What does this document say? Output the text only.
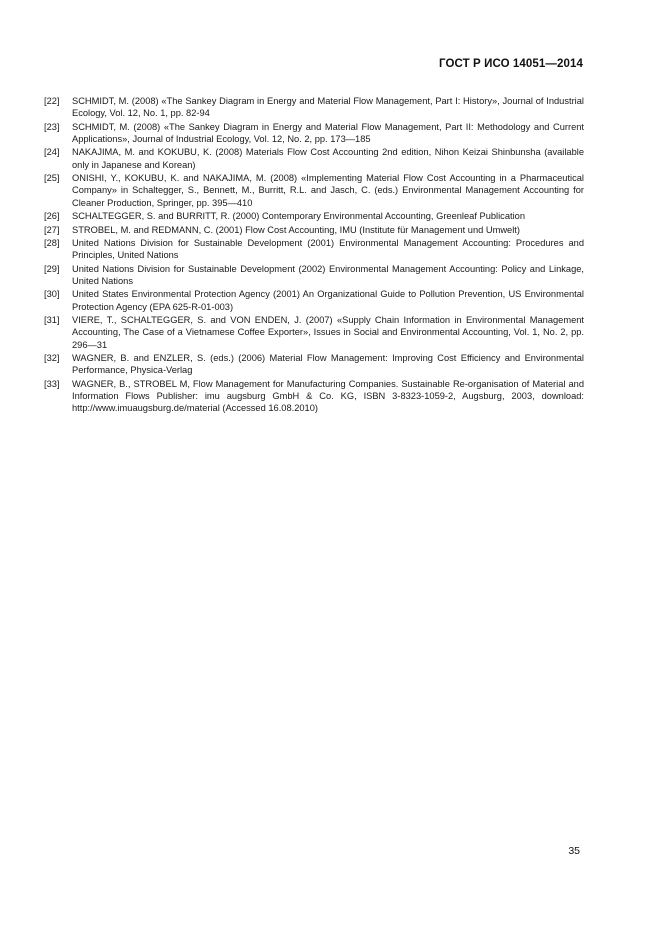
ГОСТ Р ИСО 14051—2014
[22]	SCHMIDT, M. (2008) «The Sankey Diagram in Energy and Material Flow Management, Part I: History», Journal of Industrial Ecology, Vol. 12, No. 1, pp. 82-94
[23]	SCHMIDT, M. (2008) «The Sankey Diagram in Energy and Material Flow Management, Part II: Methodology and Current Applications», Journal of Industrial Ecology, Vol. 12, No. 2, pp. 173—185
[24]	NAKAJIMA, M. and KOKUBU, K. (2008) Materials Flow Cost Accounting 2nd edition, Nihon Keizai Shinbunsha (available only in Japanese and Korean)
[25]	ONISHI, Y., KOKUBU, K. and NAKAJIMA, M. (2008) «Implementing Material Flow Cost Accounting in a Pharmaceutical Company» in Schaltegger, S., Bennett, M., Burritt, R.L. and Jasch, C. (eds.) Environmental Management Accounting for Cleaner Production, Springer, pp. 395—410
[26]	SCHALTEGGER, S. and BURRITT, R. (2000) Contemporary Environmental Accounting, Greenleaf Publication
[27]	STROBEL, M. and REDMANN, C. (2001) Flow Cost Accounting, IMU (Institute für Management und Umwelt)
[28]	United Nations Division for Sustainable Development (2001) Environmental Management Accounting: Procedures and Principles, United Nations
[29]	United Nations Division for Sustainable Development (2002) Environmental Management Accounting: Policy and Linkage, United Nations
[30]	United States Environmental Protection Agency (2001) An Organizational Guide to Pollution Prevention, US Environmental Protection Agency (EPA 625-R-01-003)
[31]	VIERE, T., SCHALTEGGER, S. and VON ENDEN, J. (2007) «Supply Chain Information in Environmental Management Accounting, The Case of a Vietnamese Coffee Exporter», Issues in Social and Environmental Accounting, Vol. 1, No. 2, pp. 296—31
[32]	WAGNER, B. and ENZLER, S. (eds.) (2006) Material Flow Management: Improving Cost Efficiency and Environmental Performance, Physica-Verlag
[33]	WAGNER, B., STROBEL M, Flow Management for Manufacturing Companies. Sustainable Re-organisation of Material and Information Flows Publisher: imu augsburg GmbH & Co. KG, ISBN 3-8323-1059-2, Augsburg, 2003, download: http://www.imuaugsburg.de/material (Accessed 16.08.2010)
35
